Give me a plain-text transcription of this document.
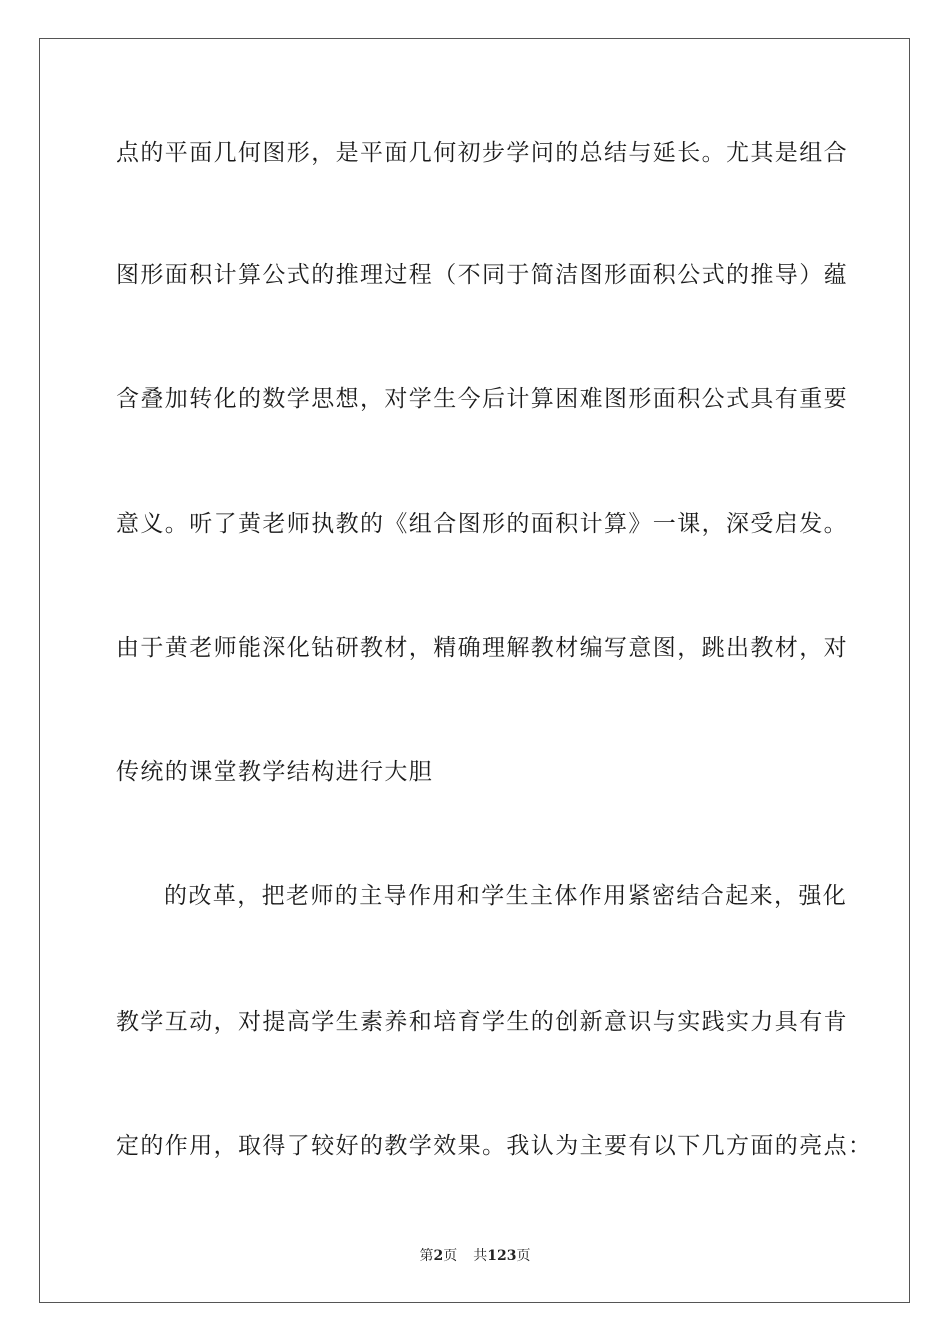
点的平面几何图形，是平面几何初步学问的总结与延长。尤其是组合
图形面积计算公式的推理过程（不同于简洁图形面积公式的推导）蕴
含叠加转化的数学思想，对学生今后计算困难图形面积公式具有重要
意义。听了黄老师执教的《组合图形的面积计算》一课，深受启发。
由于黄老师能深化钻研教材，精确理解教材编写意图，跳出教材，对
传统的课堂教学结构进行大胆
的改革，把老师的主导作用和学生主体作用紧密结合起来，强化
教学互动，对提高学生素养和培育学生的创新意识与实践实力具有肯
定的作用，取得了较好的教学效果。我认为主要有以下几方面的亮点：
第2页 共123页
